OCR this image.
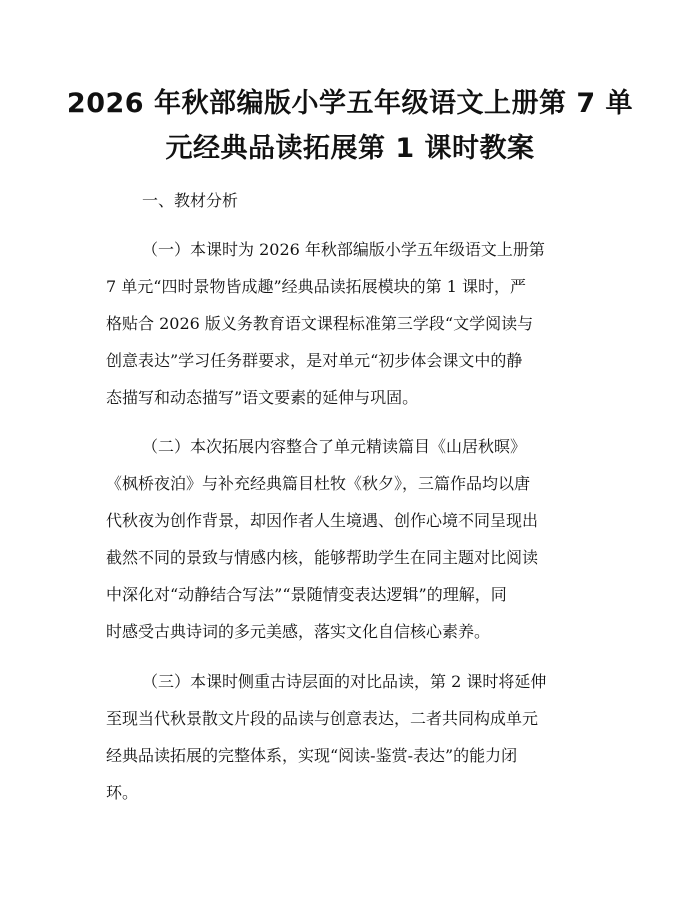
2026 年秋部编版小学五年级语文上册第 7 单
元经典品读拓展第 1 课时教案

一、教材分析

（一）本课时为 2026 年秋部编版小学五年级语文上册第

7 单元“四时景物皆成趣”经典品读拓展模块的第 1 课时，严

格贴合 2026 版义务教育语文课程标准第三学段“文学阅读与

创意表达”学习任务群要求，是对单元“初步体会课文中的静

态描写和动态描写”语文要素的延伸与巩固。

（二）本次拓展内容整合了单元精读篇目《山居秋暝》

《枫桥夜泊》与补充经典篇目杜牧《秋夕》，三篇作品均以唐

代秋夜为创作背景，却因作者人生境遇、创作心境不同呈现出

截然不同的景致与情感内核，能够帮助学生在同主题对比阅读

中深化对“动静结合写法”“景随情变表达逻辑”的理解，同

时感受古典诗词的多元美感，落实文化自信核心素养。

（三）本课时侧重古诗层面的对比品读，第 2 课时将延伸

至现当代秋景散文片段的品读与创意表达，二者共同构成单元

经典品读拓展的完整体系，实现“阅读-鉴赏-表达”的能力闭

环。
